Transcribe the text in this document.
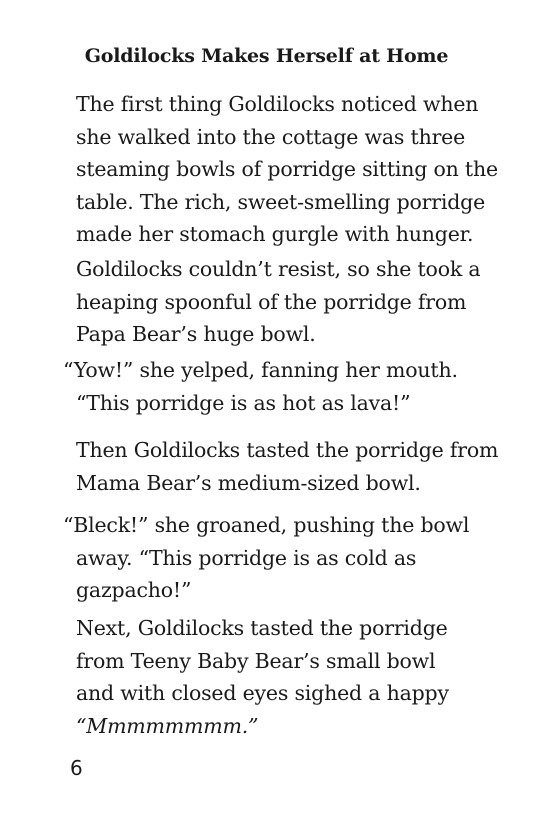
Goldilocks Makes Herself at Home
The first thing Goldilocks noticed when
she walked into the cottage was three
steaming bowls of porridge sitting on the
table. The rich, sweet-smelling porridge
made her stomach gurgle with hunger.
Goldilocks couldn’t resist, so she took a
heaping spoonful of the porridge from
Papa Bear’s huge bowl.
“Yow!” she yelped, fanning her mouth.
“This porridge is as hot as lava!”
Then Goldilocks tasted the porridge from
Mama Bear’s medium-sized bowl.
“Bleck!” she groaned, pushing the bowl
away. “This porridge is as cold as
gazpacho!”
Next, Goldilocks tasted the porridge
from Teeny Baby Bear’s small bowl
and with closed eyes sighed a happy
“Mmmmmmmm.”
6
